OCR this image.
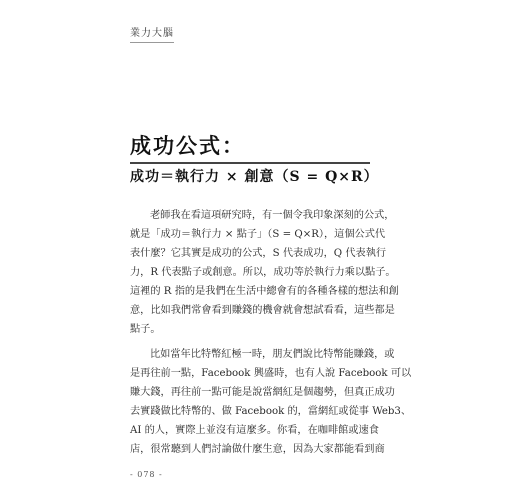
業力大腦
成功公式：
成功＝執行力 × 創意（S = Q×R）
老師我在看這項研究時，有一個令我印象深刻的公式，
就是「成功＝執行力 × 點子」（S = Q×R），這個公式代
表什麼？它其實是成功的公式，S 代表成功，Q 代表執行
力，R 代表點子或創意。所以，成功等於執行力乘以點子。
這裡的 R 指的是我們在生活中總會有的各種各樣的想法和創
意，比如我們常會看到賺錢的機會就會想試看看，這些都是
點子。
比如當年比特幣紅極一時，朋友們說比特幣能賺錢，或
是再往前一點，Facebook 興盛時，也有人說 Facebook 可以
賺大錢，再往前一點可能是說當網紅是個趨勢，但真正成功
去實踐做比特幣的、做 Facebook 的，當網紅或從事 Web3、
AI 的人，實際上並沒有這麼多。你看，在咖啡館或速食
店，很常聽到人們討論做什麼生意，因為大家都能看到商
- 078 -
